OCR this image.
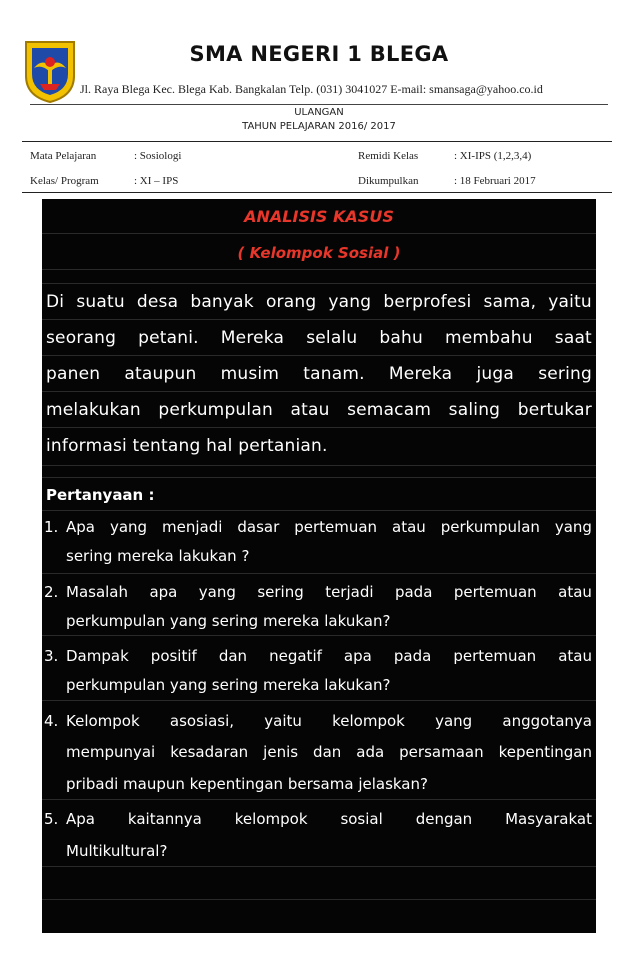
SMA NEGERI 1 BLEGA
Jl. Raya Blega Kec. Blega Kab. Bangkalan Telp. (031) 3041027 E-mail: smansaga@yahoo.co.id
ULANGAN
TAHUN PELAJARAN 2016/ 2017
Mata Pelajaran	: Sosiologi	Remidi Kelas	: XI-IPS (1,2,3,4)
Kelas/ Program	: XI – IPS	Dikumpulkan	: 18 Februari 2017
ANALISIS KASUS
( Kelompok Sosial )
Di suatu desa banyak orang yang berprofesi sama, yaitu
seorang petani. Mereka selalu bahu membahu saat
panen ataupun musim tanam. Mereka juga sering
melakukan perkumpulan atau semacam saling bertukar
informasi tentang hal pertanian.
Pertanyaan :
1. Apa yang menjadi dasar pertemuan atau perkumpulan yang
sering mereka lakukan ?
2. Masalah apa yang sering terjadi pada pertemuan atau
perkumpulan yang sering mereka lakukan?
3. Dampak positif dan negatif apa pada pertemuan atau
perkumpulan yang sering mereka lakukan?
4. Kelompok asosiasi, yaitu kelompok yang anggotanya
mempunyai kesadaran jenis dan ada persamaan kepentingan
pribadi maupun kepentingan bersama jelaskan?
5. Apa kaitannya kelompok sosial dengan Masyarakat
Multikultural?
